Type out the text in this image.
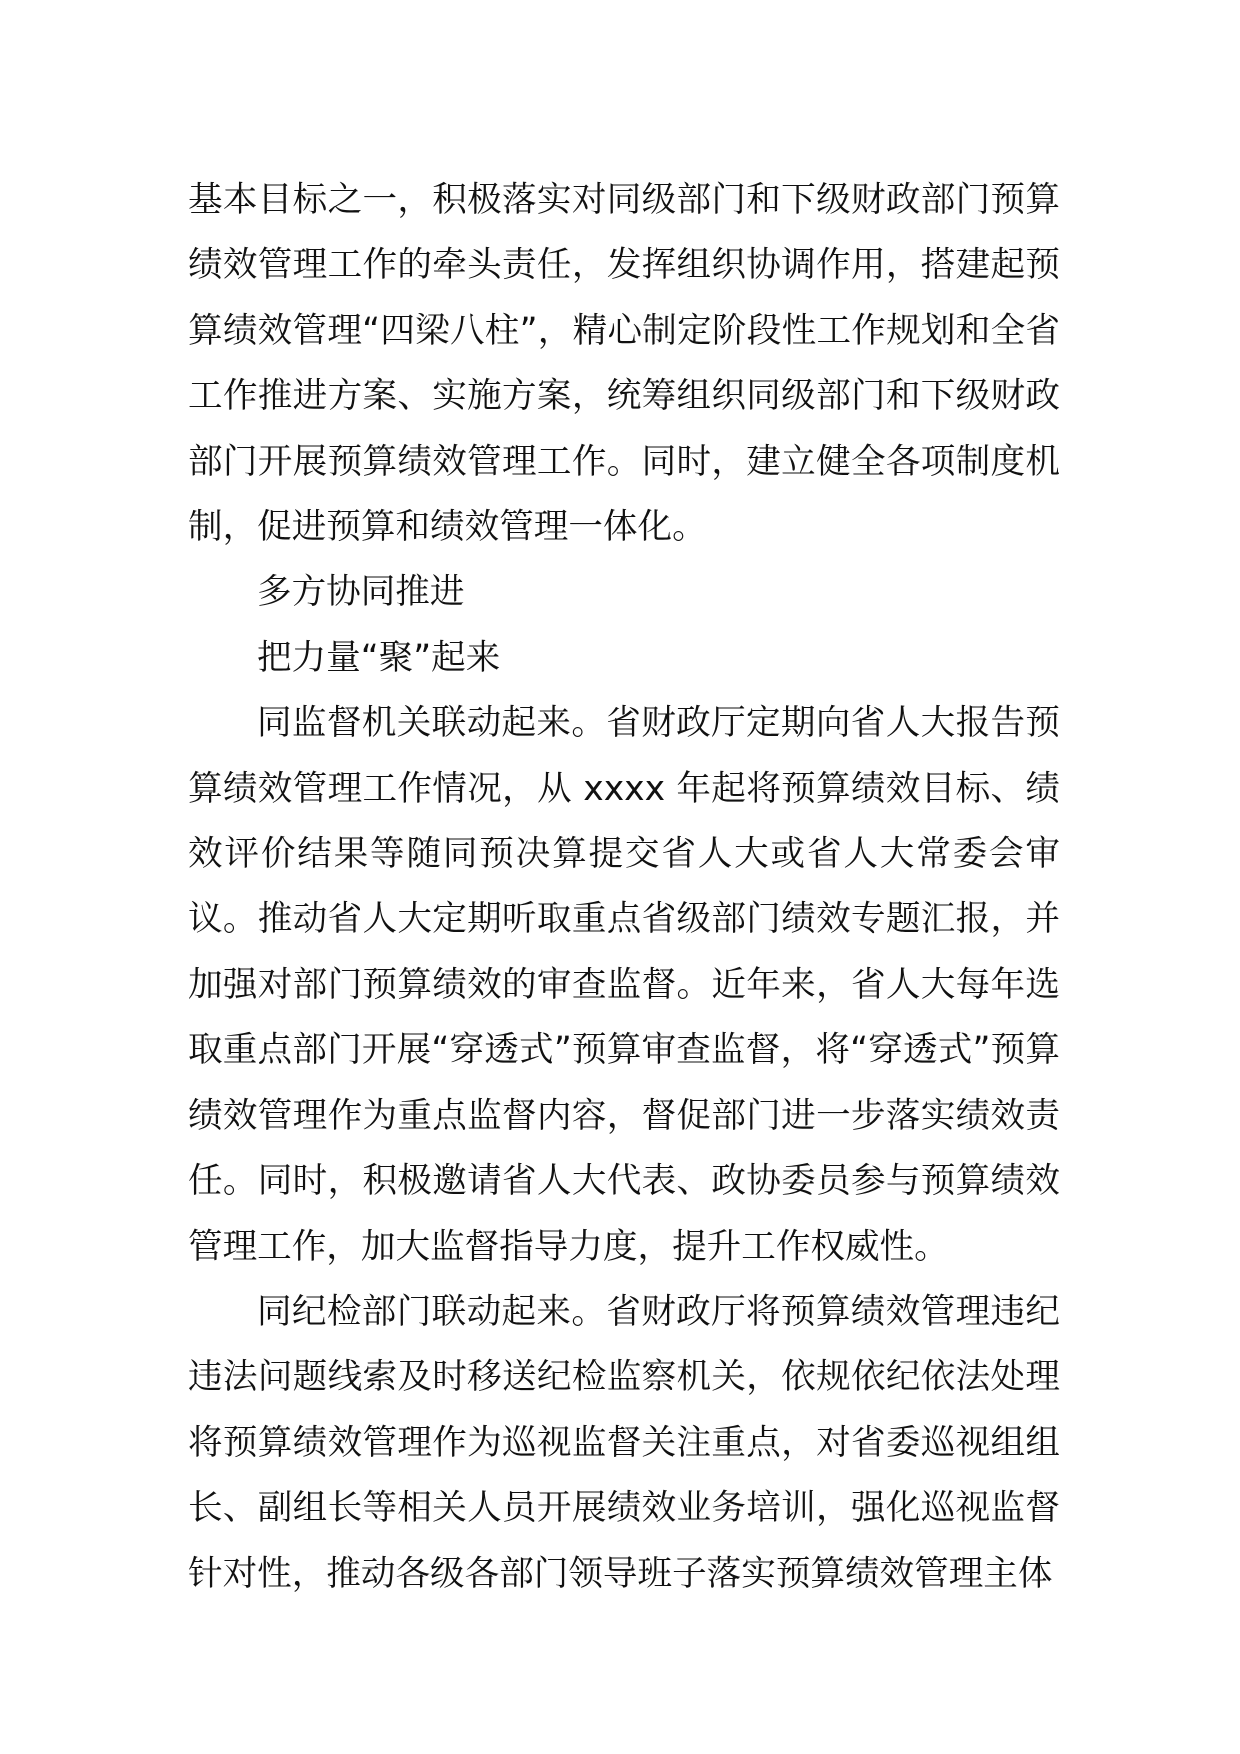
基本目标之一，积极落实对同级部门和下级财政部门预算绩效管理工作的牵头责任，发挥组织协调作用，搭建起预算绩效管理“四梁八柱”，精心制定阶段性工作规划和全省工作推进方案、实施方案，统筹组织同级部门和下级财政部门开展预算绩效管理工作。同时，建立健全各项制度机制，促进预算和绩效管理一体化。

多方协同推进

把力量“聚”起来

同监督机关联动起来。省财政厅定期向省人大报告预算绩效管理工作情况，从 xxxx 年起将预算绩效目标、绩效评价结果等随同预决算提交省人大或省人大常委会审议。推动省人大定期听取重点省级部门绩效专题汇报，并加强对部门预算绩效的审查监督。近年来，省人大每年选取重点部门开展“穿透式”预算审查监督，将“穿透式”预算绩效管理作为重点监督内容，督促部门进一步落实绩效责任。同时，积极邀请省人大代表、政协委员参与预算绩效管理工作，加大监督指导力度，提升工作权威性。

同纪检部门联动起来。省财政厅将预算绩效管理违纪违法问题线索及时移送纪检监察机关，依规依纪依法处理将预算绩效管理作为巡视监督关注重点，对省委巡视组组长、副组长等相关人员开展绩效业务培训，强化巡视监督针对性，推动各级各部门领导班子落实预算绩效管理主体
